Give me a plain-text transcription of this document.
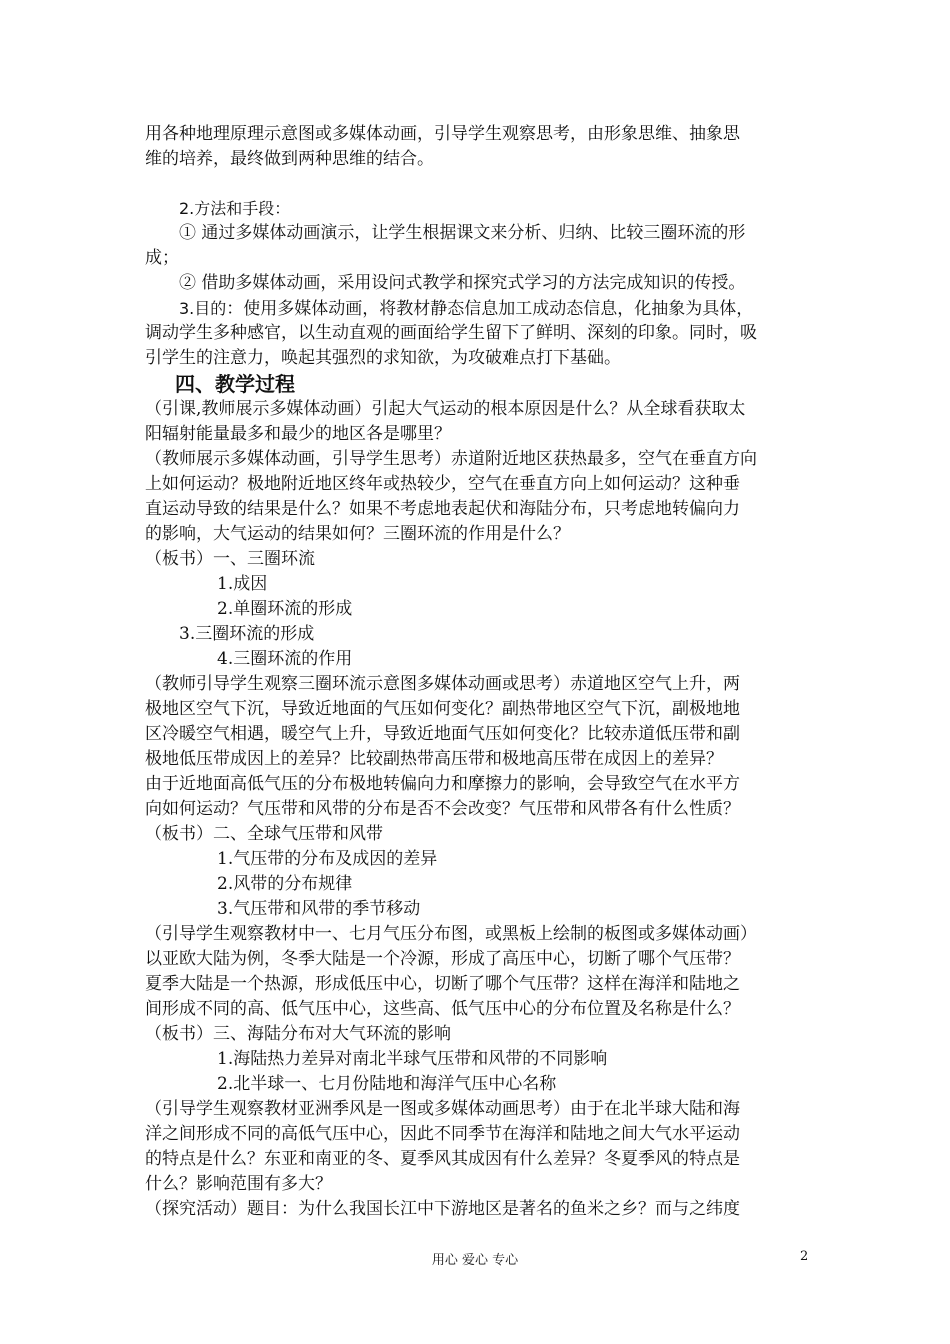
用各种地理原理示意图或多媒体动画，引导学生观察思考，由形象思维、抽象思
维的培养，最终做到两种思维的结合。
2.方法和手段：
① 通过多媒体动画演示，让学生根据课文来分析、归纳、比较三圈环流的形
成；
② 借助多媒体动画，采用设问式教学和探究式学习的方法完成知识的传授。
3.目的：使用多媒体动画，将教材静态信息加工成动态信息，化抽象为具体，
调动学生多种感官，以生动直观的画面给学生留下了鲜明、深刻的印象。同时，吸
引学生的注意力，唤起其强烈的求知欲，为攻破难点打下基础。
四、教学过程
（引课,教师展示多媒体动画）引起大气运动的根本原因是什么？从全球看获取太
阳辐射能量最多和最少的地区各是哪里？
（教师展示多媒体动画，引导学生思考）赤道附近地区获热最多，空气在垂直方向
上如何运动？极地附近地区终年或热较少，空气在垂直方向上如何运动？这种垂
直运动导致的结果是什么？如果不考虑地表起伏和海陆分布，只考虑地转偏向力
的影响，大气运动的结果如何？三圈环流的作用是什么？
（板书）一、三圈环流
1.成因
2.单圈环流的形成
3.三圈环流的形成
4.三圈环流的作用
（教师引导学生观察三圈环流示意图多媒体动画或思考）赤道地区空气上升，两
极地区空气下沉，导致近地面的气压如何变化？副热带地区空气下沉，副极地地
区冷暖空气相遇，暖空气上升，导致近地面气压如何变化？比较赤道低压带和副
极地低压带成因上的差异？比较副热带高压带和极地高压带在成因上的差异？
由于近地面高低气压的分布极地转偏向力和摩擦力的影响，会导致空气在水平方
向如何运动？气压带和风带的分布是否不会改变？气压带和风带各有什么性质？
（板书）二、全球气压带和风带
1.气压带的分布及成因的差异
2.风带的分布规律
3.气压带和风带的季节移动
（引导学生观察教材中一、七月气压分布图，或黑板上绘制的板图或多媒体动画）
以亚欧大陆为例，冬季大陆是一个冷源，形成了高压中心，切断了哪个气压带？
夏季大陆是一个热源，形成低压中心，切断了哪个气压带？这样在海洋和陆地之
间形成不同的高、低气压中心，这些高、低气压中心的分布位置及名称是什么？
（板书）三、海陆分布对大气环流的影响
1.海陆热力差异对南北半球气压带和风带的不同影响
2.北半球一、七月份陆地和海洋气压中心名称
（引导学生观察教材亚洲季风是一图或多媒体动画思考）由于在北半球大陆和海
洋之间形成不同的高低气压中心，因此不同季节在海洋和陆地之间大气水平运动
的特点是什么？东亚和南亚的冬、夏季风其成因有什么差异？冬夏季风的特点是
什么？影响范围有多大？
（探究活动）题目：为什么我国长江中下游地区是著名的鱼米之乡？而与之纬度
用心 爱心 专心	2
